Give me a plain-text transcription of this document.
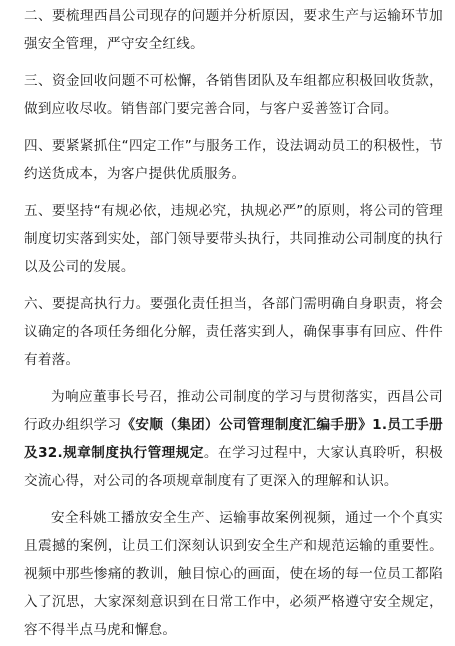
二、要梳理西昌公司现存的问题并分析原因，要求生产与运输环节加强安全管理，严守安全红线。

三、资金回收问题不可松懈，各销售团队及车组都应积极回收货款，做到应收尽收。销售部门要完善合同，与客户妥善签订合同。

四、要紧紧抓住“四定工作”与服务工作，设法调动员工的积极性，节约送货成本，为客户提供优质服务。

五、要坚持“有规必依，违规必究，执规必严”的原则，将公司的管理制度切实落到实处，部门领导要带头执行，共同推动公司制度的执行以及公司的发展。

六、要提高执行力。要强化责任担当，各部门需明确自身职责，将会议确定的各项任务细化分解，责任落实到人，确保事事有回应、件件有着落。

为响应董事长号召，推动公司制度的学习与贯彻落实，西昌公司行政办组织学习《安顺（集团）公司管理制度汇编手册》1.员工手册及32.规章制度执行管理规定。在学习过程中，大家认真聆听，积极交流心得，对公司的各项规章制度有了更深入的理解和认识。

安全科姚工播放安全生产、运输事故案例视频，通过一个个真实且震撼的案例，让员工们深刻认识到安全生产和规范运输的重要性。视频中那些惨痛的教训，触目惊心的画面，使在场的每一位员工都陷入了沉思，大家深刻意识到在日常工作中，必须严格遵守安全规定，容不得半点马虎和懈怠。
